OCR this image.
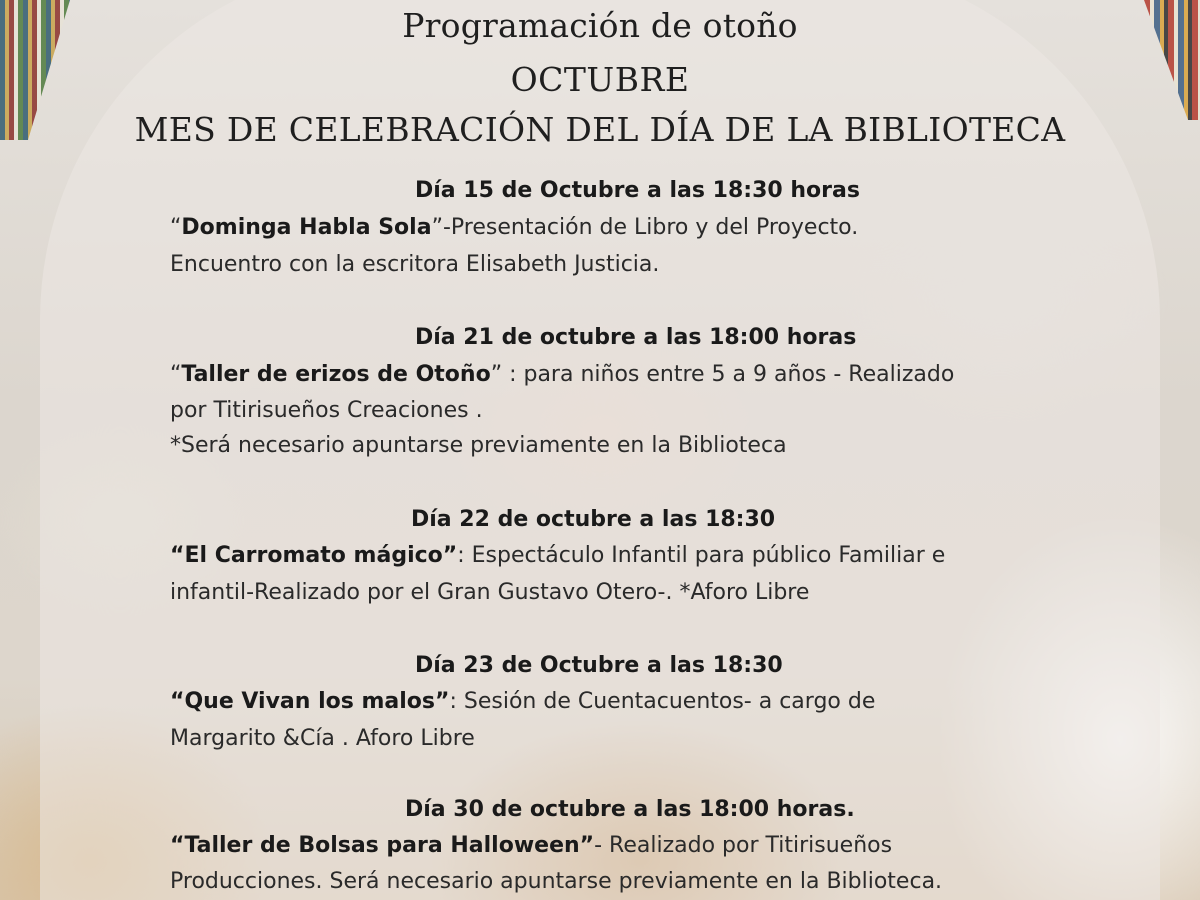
Programación de otoño
OCTUBRE
MES DE CELEBRACIÓN DEL DÍA DE LA BIBLIOTECA
Día 15 de Octubre a las 18:30 horas
“Dominga Habla Sola”-Presentación de Libro y del Proyecto.
Encuentro con la escritora Elisabeth Justicia.
Día 21 de octubre a las 18:00 horas
“Taller de erizos de Otoño” : para niños entre 5 a 9 años - Realizado
por Titirisueños Creaciones .
*Será necesario apuntarse previamente en la Biblioteca
Día 22 de octubre a las 18:30
“El Carromato mágico”: Espectáculo Infantil para público Familiar e
infantil-Realizado por el Gran Gustavo Otero-. *Aforo Libre
Día 23 de Octubre a las 18:30
“Que Vivan los malos”: Sesión de Cuentacuentos- a cargo de
Margarito &Cía . Aforo Libre
Día 30 de octubre a las 18:00 horas.
“Taller de Bolsas para Halloween”- Realizado por Titirisueños
Producciones. Será necesario apuntarse previamente en la Biblioteca.
